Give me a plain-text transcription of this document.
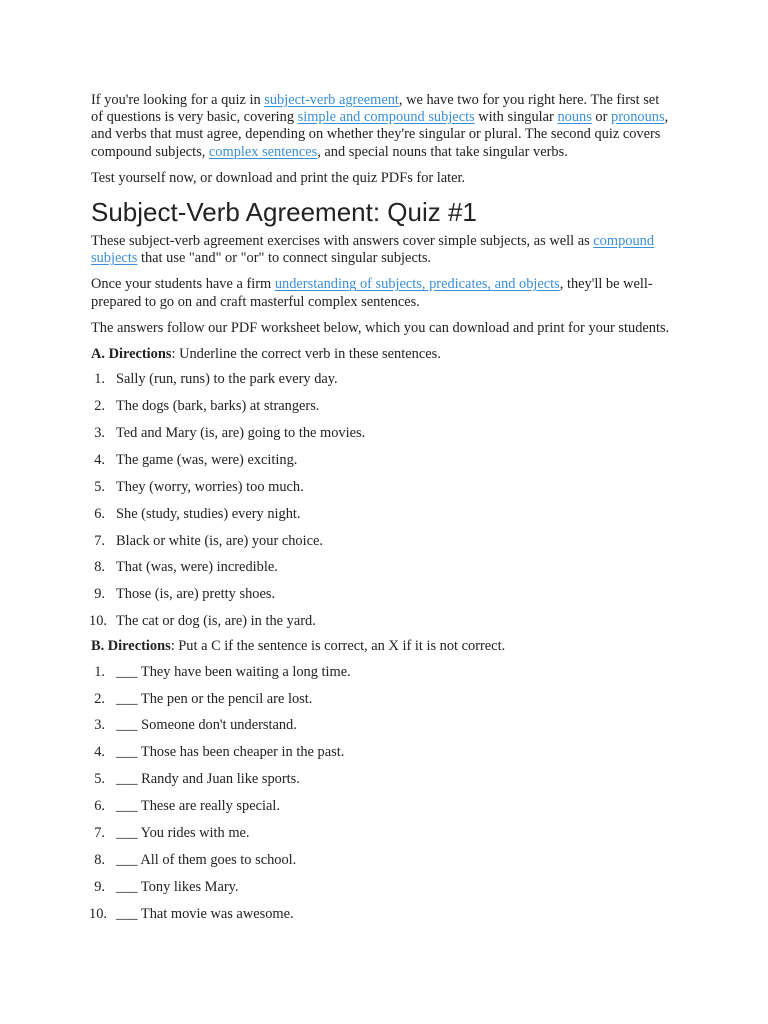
If you're looking for a quiz in subject-verb agreement, we have two for you right here. The first set of questions is very basic, covering simple and compound subjects with singular nouns or pronouns, and verbs that must agree, depending on whether they're singular or plural. The second quiz covers compound subjects, complex sentences, and special nouns that take singular verbs.

Test yourself now, or download and print the quiz PDFs for later.

Subject-Verb Agreement: Quiz #1

These subject-verb agreement exercises with answers cover simple subjects, as well as compound subjects that use "and" or "or" to connect singular subjects.

Once your students have a firm understanding of subjects, predicates, and objects, they'll be well-prepared to go on and craft masterful complex sentences.

The answers follow our PDF worksheet below, which you can download and print for your students.

A. Directions: Underline the correct verb in these sentences.

1. Sally (run, runs) to the park every day.
2. The dogs (bark, barks) at strangers.
3. Ted and Mary (is, are) going to the movies.
4. The game (was, were) exciting.
5. They (worry, worries) too much.
6. She (study, studies) every night.
7. Black or white (is, are) your choice.
8. That (was, were) incredible.
9. Those (is, are) pretty shoes.
10. The cat or dog (is, are) in the yard.

B. Directions: Put a C if the sentence is correct, an X if it is not correct.

1. ___ They have been waiting a long time.
2. ___ The pen or the pencil are lost.
3. ___ Someone don't understand.
4. ___ Those has been cheaper in the past.
5. ___ Randy and Juan like sports.
6. ___ These are really special.
7. ___ You rides with me.
8. ___ All of them goes to school.
9. ___ Tony likes Mary.
10. ___ That movie was awesome.
